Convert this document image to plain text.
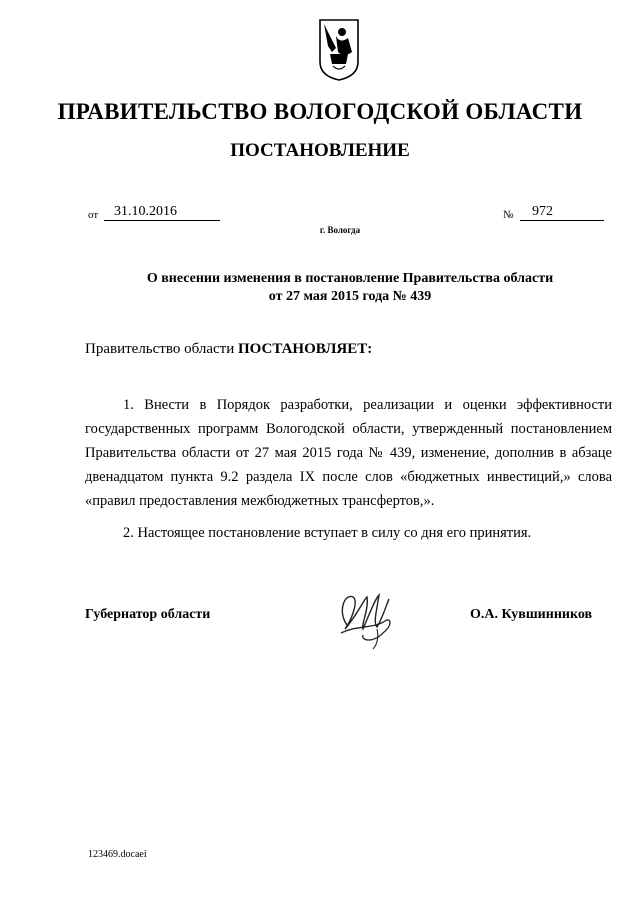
ПРАВИТЕЛЬСТВО ВОЛОГОДСКОЙ ОБЛАСТИ
ПОСТАНОВЛЕНИЕ
от	31.10.2016	№	972
г. Вологда
О внесении изменения в постановление Правительства области
от 27 мая 2015 года № 439
Правительство области ПОСТАНОВЛЯЕТ:
1. Внести в Порядок разработки, реализации и оценки эффективности государственных программ Вологодской области, утвержденный постановлением Правительства области от 27 мая 2015 года № 439, изменение, дополнив в абзаце двенадцатом пункта 9.2 раздела IX после слов «бюджетных инвестиций,» слова «правил предоставления межбюджетных трансфертов,».
2. Настоящее постановление вступает в силу со дня его принятия.
Губернатор области	О.А. Кувшинников
123469.docaei
